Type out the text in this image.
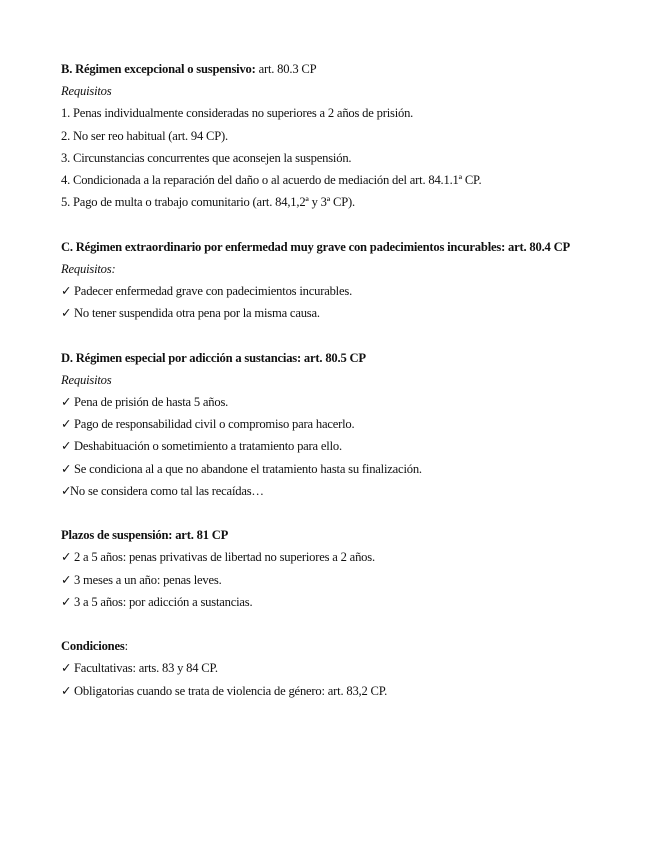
B. Régimen excepcional o suspensivo: art. 80.3 CP
Requisitos
1. Penas individualmente consideradas no superiores a 2 años de prisión.
2. No ser reo habitual (art. 94 CP).
3. Circunstancias concurrentes que aconsejen la suspensión.
4. Condicionada a la reparación del daño o al acuerdo de mediación del art. 84.1.1ª CP.
5. Pago de multa o trabajo comunitario (art. 84,1,2ª y 3ª CP).
C. Régimen extraordinario por enfermedad muy grave con padecimientos incurables: art. 80.4 CP
Requisitos:
✓ Padecer enfermedad grave con padecimientos incurables.
✓ No tener suspendida otra pena por la misma causa.
D. Régimen especial por adicción a sustancias: art. 80.5 CP
Requisitos
✓ Pena de prisión de hasta 5 años.
✓ Pago de responsabilidad civil o compromiso para hacerlo.
✓ Deshabituación o sometimiento a tratamiento para ello.
✓ Se condiciona al a que no abandone el tratamiento hasta su finalización.
✓No se considera como tal las recaídas…
Plazos de suspensión: art. 81 CP
✓ 2 a 5 años: penas privativas de libertad no superiores a 2 años.
✓ 3 meses a un año: penas leves.
✓ 3 a 5 años: por adicción a sustancias.
Condiciones:
✓ Facultativas: arts. 83 y 84 CP.
✓ Obligatorias cuando se trata de violencia de género: art. 83,2 CP.
